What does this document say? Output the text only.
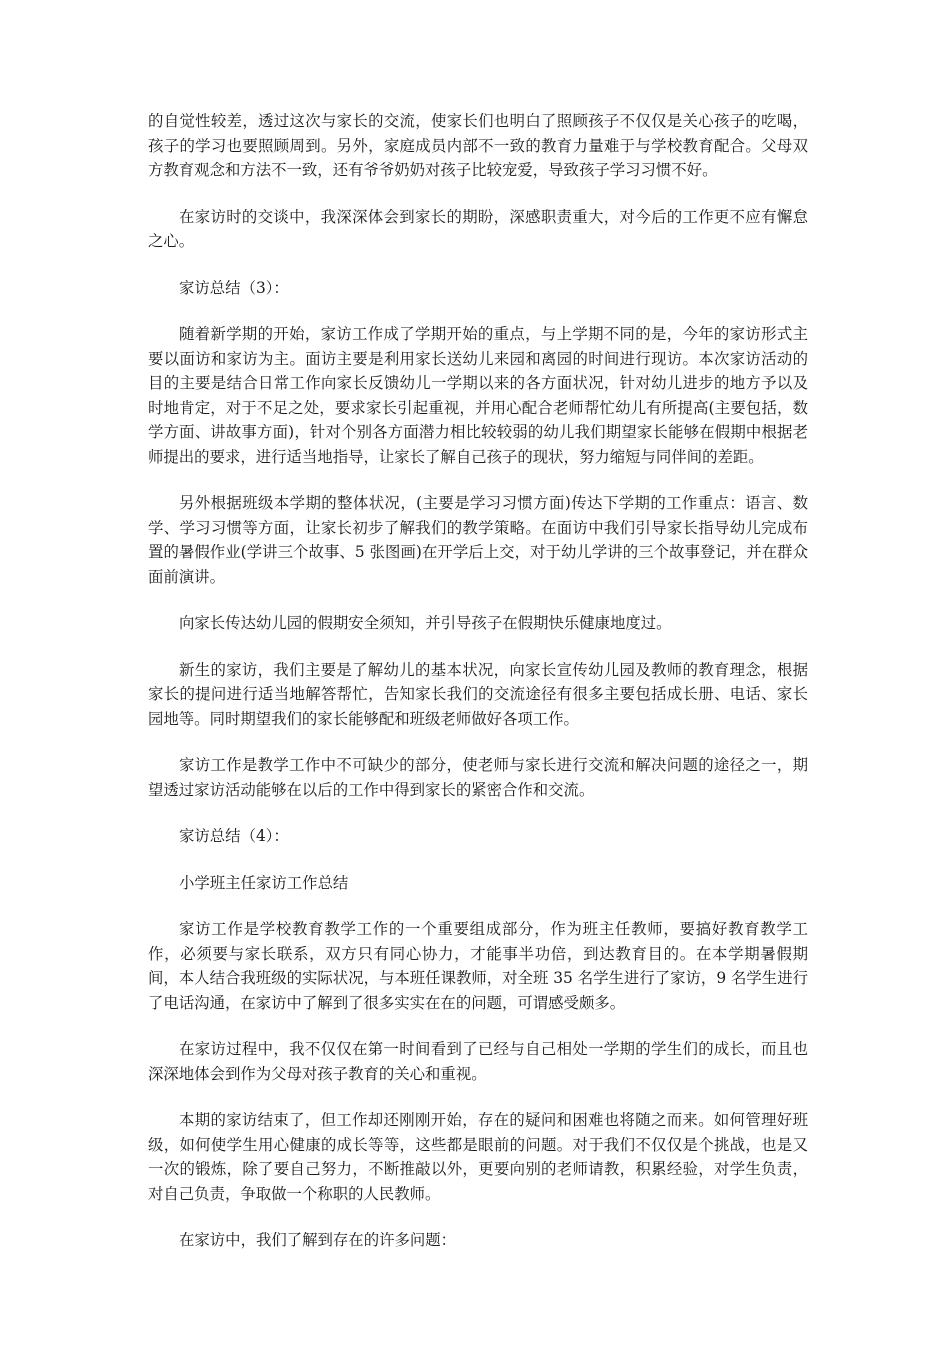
的自觉性较差，透过这次与家长的交流，使家长们也明白了照顾孩子不仅仅是关心孩子的吃喝，孩子的学习也要照顾周到。另外，家庭成员内部不一致的教育力量难于与学校教育配合。父母双方教育观念和方法不一致，还有爷爷奶奶对孩子比较宠爱，导致孩子学习习惯不好。

在家访时的交谈中，我深深体会到家长的期盼，深感职责重大，对今后的工作更不应有懈怠之心。

家访总结（3）：

随着新学期的开始，家访工作成了学期开始的重点，与上学期不同的是，今年的家访形式主要以面访和家访为主。面访主要是利用家长送幼儿来园和离园的时间进行现访。本次家访活动的目的主要是结合日常工作向家长反馈幼儿一学期以来的各方面状况，针对幼儿进步的地方予以及时地肯定，对于不足之处，要求家长引起重视，并用心配合老师帮忙幼儿有所提高(主要包括，数学方面、讲故事方面)，针对个别各方面潜力相比较较弱的幼儿我们期望家长能够在假期中根据老师提出的要求，进行适当地指导，让家长了解自己孩子的现状，努力缩短与同伴间的差距。

另外根据班级本学期的整体状况，(主要是学习习惯方面)传达下学期的工作重点：语言、数学、学习习惯等方面，让家长初步了解我们的教学策略。在面访中我们引导家长指导幼儿完成布置的暑假作业(学讲三个故事、5 张图画)在开学后上交，对于幼儿学讲的三个故事登记，并在群众面前演讲。

向家长传达幼儿园的假期安全须知，并引导孩子在假期快乐健康地度过。

新生的家访，我们主要是了解幼儿的基本状况，向家长宣传幼儿园及教师的教育理念，根据家长的提问进行适当地解答帮忙，告知家长我们的交流途径有很多主要包括成长册、电话、家长园地等。同时期望我们的家长能够配和班级老师做好各项工作。

家访工作是教学工作中不可缺少的部分，使老师与家长进行交流和解决问题的途径之一，期望透过家访活动能够在以后的工作中得到家长的紧密合作和交流。

家访总结（4）：

小学班主任家访工作总结

家访工作是学校教育教学工作的一个重要组成部分，作为班主任教师，要搞好教育教学工作，必须要与家长联系，双方只有同心协力，才能事半功倍，到达教育目的。在本学期暑假期间，本人结合我班级的实际状况，与本班任课教师，对全班 35 名学生进行了家访，9 名学生进行了电话沟通，在家访中了解到了很多实实在在的问题，可谓感受颇多。

在家访过程中，我不仅仅在第一时间看到了已经与自己相处一学期的学生们的成长，而且也深深地体会到作为父母对孩子教育的关心和重视。

本期的家访结束了，但工作却还刚刚开始，存在的疑问和困难也将随之而来。如何管理好班级，如何使学生用心健康的成长等等，这些都是眼前的问题。对于我们不仅仅是个挑战，也是又一次的锻炼，除了要自己努力，不断推敲以外，更要向别的老师请教，积累经验，对学生负责，对自己负责，争取做一个称职的人民教师。

在家访中，我们了解到存在的许多问题：
